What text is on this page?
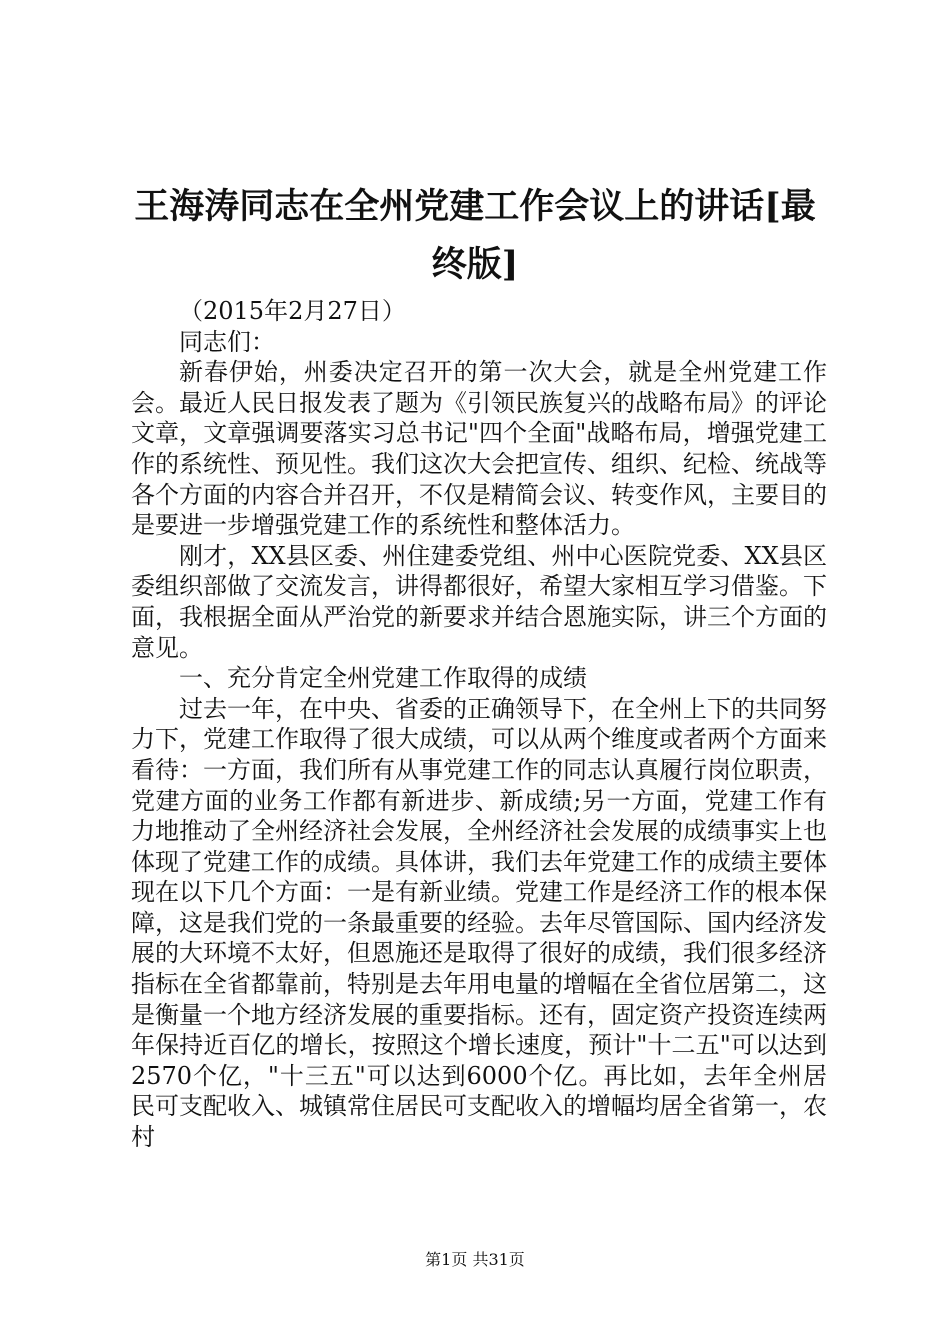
王海涛同志在全州党建工作会议上的讲话[最终版]

（2015年2月27日）

同志们：

新春伊始，州委决定召开的第一次大会，就是全州党建工作会。最近人民日报发表了题为《引领民族复兴的战略布局》的评论文章，文章强调要落实习总书记"四个全面"战略布局，增强党建工作的系统性、预见性。我们这次大会把宣传、组织、纪检、统战等各个方面的内容合并召开，不仅是精简会议、转变作风，主要目的是要进一步增强党建工作的系统性和整体活力。

刚才，XX县区委、州住建委党组、州中心医院党委、XX县区委组织部做了交流发言，讲得都很好，希望大家相互学习借鉴。下面，我根据全面从严治党的新要求并结合恩施实际，讲三个方面的意见。

一、充分肯定全州党建工作取得的成绩

过去一年，在中央、省委的正确领导下，在全州上下的共同努力下，党建工作取得了很大成绩，可以从两个维度或者两个方面来看待：一方面，我们所有从事党建工作的同志认真履行岗位职责，党建方面的业务工作都有新进步、新成绩;另一方面，党建工作有力地推动了全州经济社会发展，全州经济社会发展的成绩事实上也体现了党建工作的成绩。具体讲，我们去年党建工作的成绩主要体现在以下几个方面：一是有新业绩。党建工作是经济工作的根本保障，这是我们党的一条最重要的经验。去年尽管国际、国内经济发展的大环境不太好，但恩施还是取得了很好的成绩，我们很多经济指标在全省都靠前，特别是去年用电量的增幅在全省位居第二，这是衡量一个地方经济发展的重要指标。还有，固定资产投资连续两年保持近百亿的增长，按照这个增长速度，预计"十二五"可以达到2570个亿，"十三五"可以达到6000个亿。再比如，去年全州居民可支配收入、城镇常住居民可支配收入的增幅均居全省第一，农村

第1页 共31页
